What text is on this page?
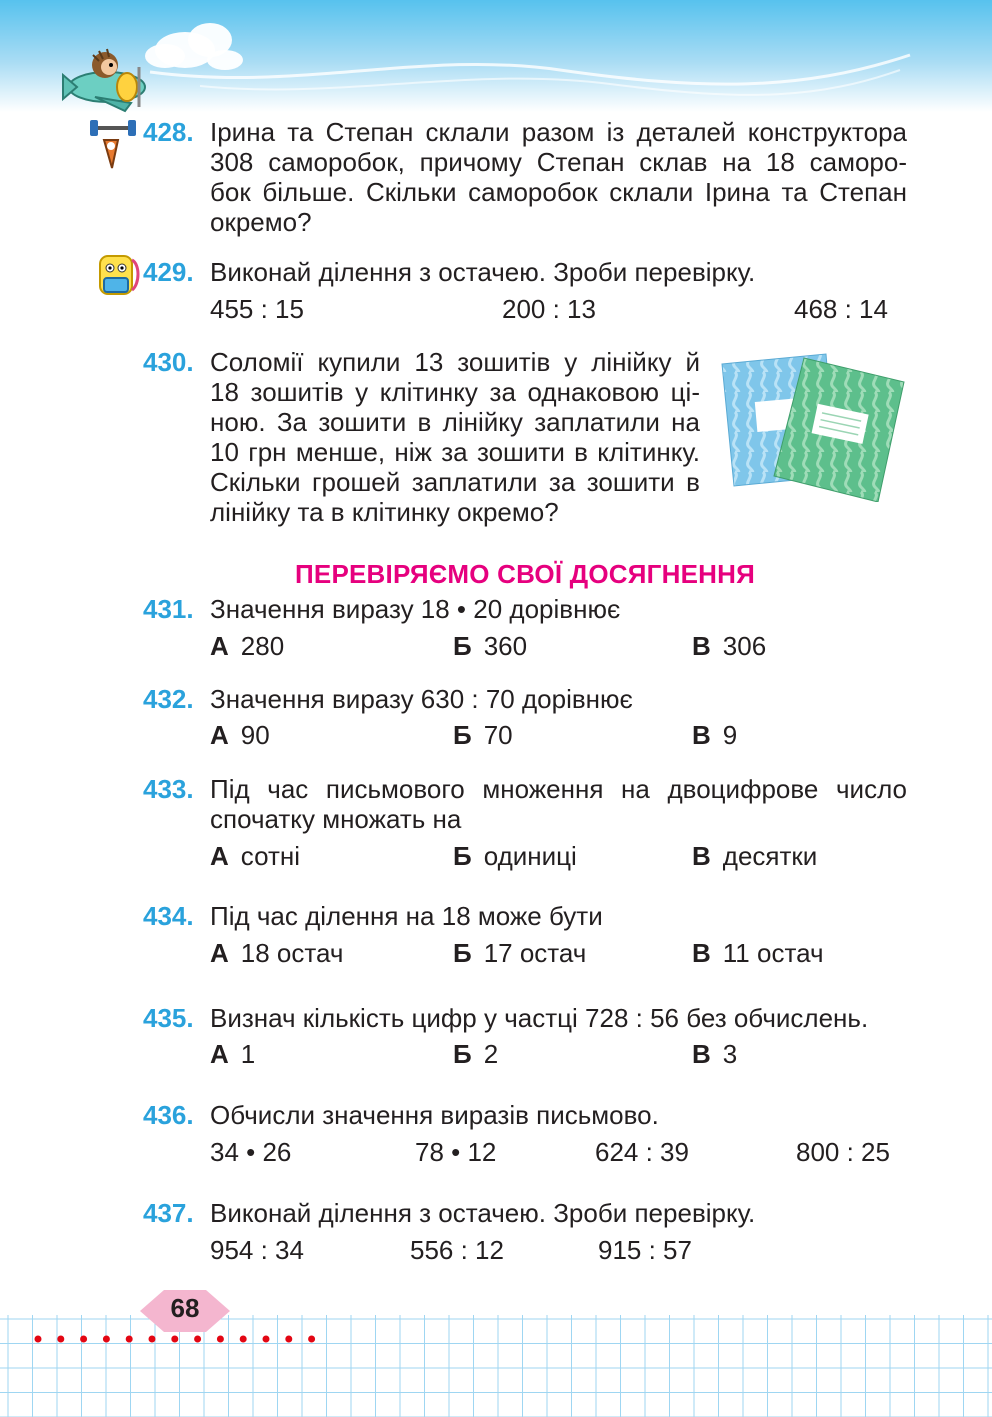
428. Ірина та Степан склали разом із деталей конструктора
308 саморобок, причому Степан склав на 18 саморо-
бок більше. Скільки саморобок склали Ірина та Степан
окремо?
429. Виконай ділення з остачею. Зроби перевірку.
455 : 15	200 : 13	468 : 14
430. Соломії купили 13 зошитів у лінійку й
18 зошитів у клітинку за однаковою ці-
ною. За зошити в лінійку заплатили на
10 грн менше, ніж за зошити в клітинку.
Скільки грошей заплатили за зошити в
лінійку та в клітинку окремо?
ПЕРЕВІРЯЄМО СВОЇ ДОСЯГНЕННЯ
431. Значення виразу 18 • 20 дорівнює
А 280	Б 360	В 306
432. Значення виразу 630 : 70 дорівнює
А 90	Б 70	В 9
433. Під час письмового множення на двоцифрове число
спочатку множать на
А сотні	Б одиниці	В десятки
434. Під час ділення на 18 може бути
А 18 остач	Б 17 остач	В 11 остач
435. Визнач кількість цифр у частці 728 : 56 без обчислень.
А 1	Б 2	В 3
436. Обчисли значення виразів письмово.
34 • 26	78 • 12	624 : 39	800 : 25
437. Виконай ділення з остачею. Зроби перевірку.
954 : 34	556 : 12	915 : 57
68
